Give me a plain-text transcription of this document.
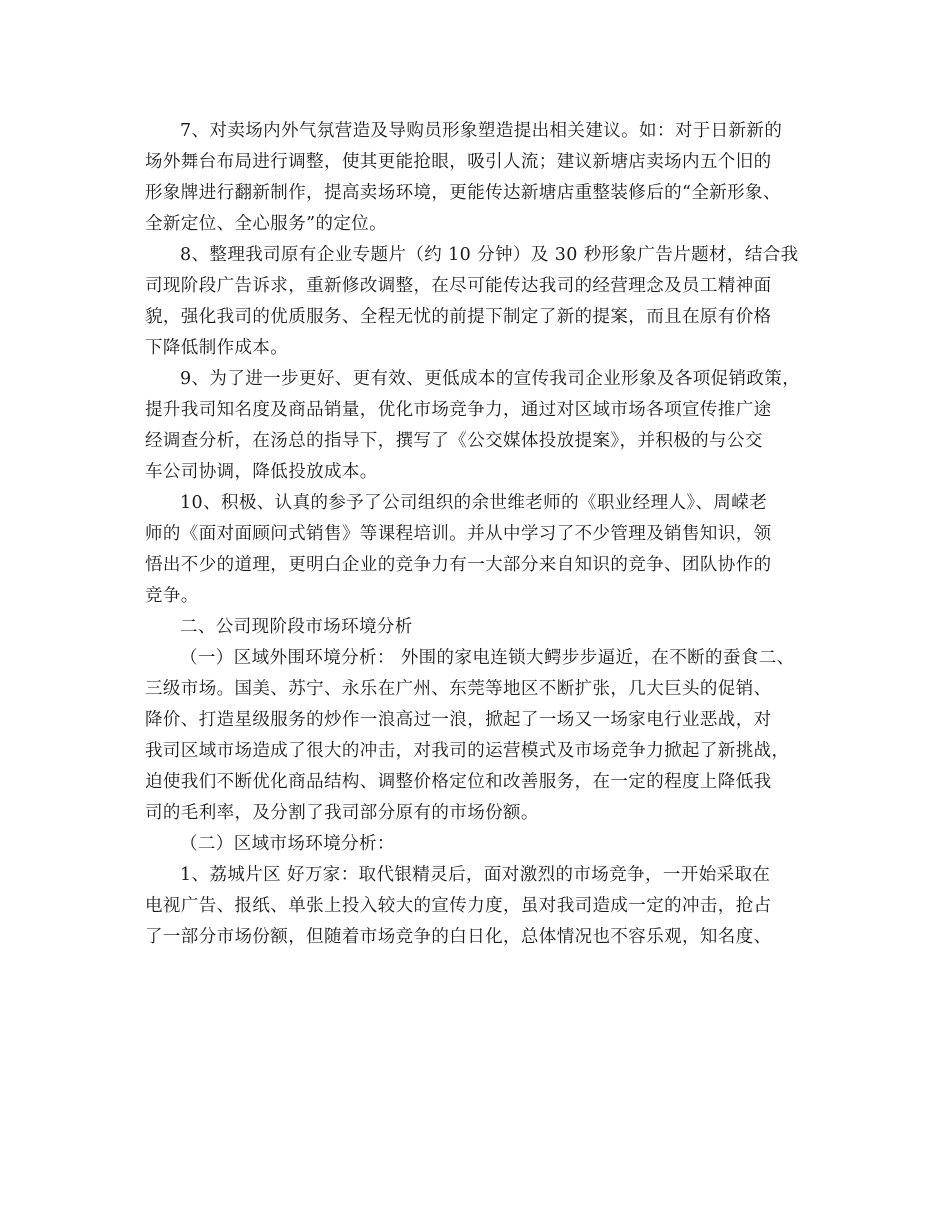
7、对卖场内外气氛营造及导购员形象塑造提出相关建议。如：对于日新新的
场外舞台布局进行调整，使其更能抢眼，吸引人流；建议新塘店卖场内五个旧的
形象牌进行翻新制作，提高卖场环境，更能传达新塘店重整装修后的“全新形象、
全新定位、全心服务”的定位。
8、整理我司原有企业专题片（约 10 分钟）及 30 秒形象广告片题材，结合我
司现阶段广告诉求，重新修改调整，在尽可能传达我司的经营理念及员工精神面
貌，强化我司的优质服务、全程无忧的前提下制定了新的提案，而且在原有价格
下降低制作成本。
9、为了进一步更好、更有效、更低成本的宣传我司企业形象及各项促销政策，
提升我司知名度及商品销量，优化市场竞争力，通过对区域市场各项宣传推广途
经调查分析，在汤总的指导下，撰写了《公交媒体投放提案》，并积极的与公交
车公司协调，降低投放成本。
10、积极、认真的参予了公司组织的余世维老师的《职业经理人》、周嵘老
师的《面对面顾问式销售》等课程培训。并从中学习了不少管理及销售知识，领
悟出不少的道理，更明白企业的竞争力有一大部分来自知识的竞争、团队协作的
竞争。
二、公司现阶段市场环境分析
（一）区域外围环境分析： 外围的家电连锁大鳄步步逼近，在不断的蚕食二、
三级市场。国美、苏宁、永乐在广州、东莞等地区不断扩张，几大巨头的促销、
降价、打造星级服务的炒作一浪高过一浪，掀起了一场又一场家电行业恶战，对
我司区域市场造成了很大的冲击，对我司的运营模式及市场竞争力掀起了新挑战，
迫使我们不断优化商品结构、调整价格定位和改善服务，在一定的程度上降低我
司的毛利率，及分割了我司部分原有的市场份额。
（二）区域市场环境分析：
1、荔城片区 好万家：取代银精灵后，面对激烈的市场竞争，一开始采取在
电视广告、报纸、单张上投入较大的宣传力度，虽对我司造成一定的冲击，抢占
了一部分市场份额，但随着市场竞争的白日化，总体情况也不容乐观，知名度、
